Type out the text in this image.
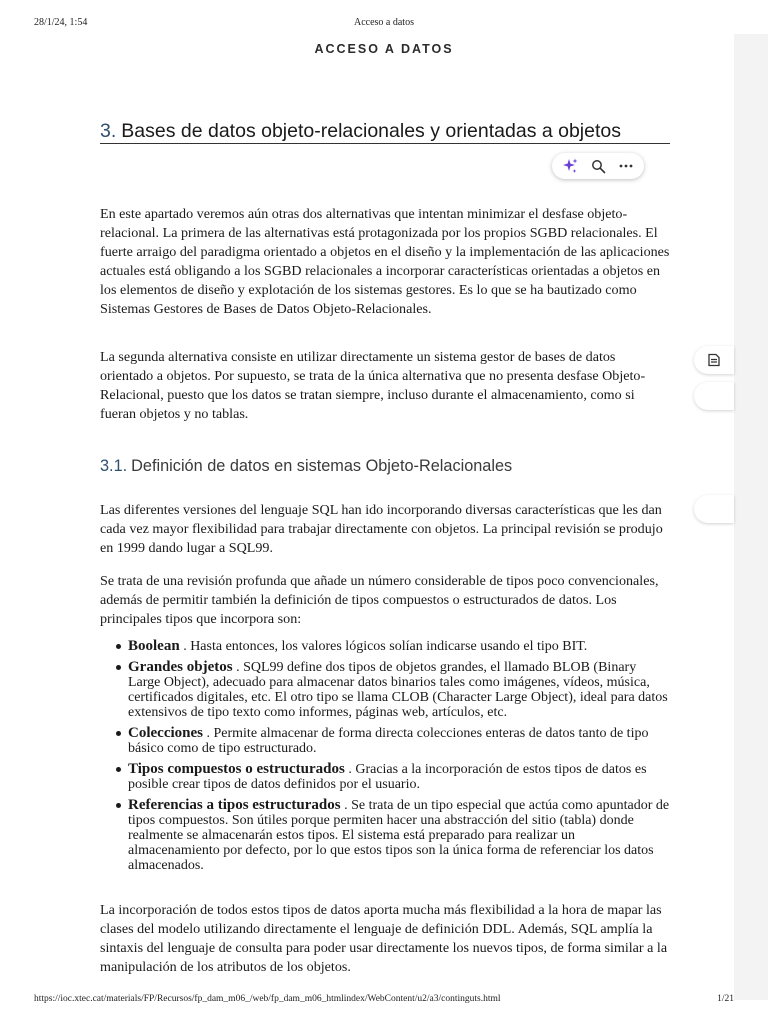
28/1/24, 1:54	Acceso a datos
ACCESO A DATOS
3. Bases de datos objeto-relacionales y orientadas a objetos

En este apartado veremos aún otras dos alternativas que intentan minimizar el desfase objeto-relacional. La primera de las alternativas está protagonizada por los propios SGBD relacionales. El fuerte arraigo del paradigma orientado a objetos en el diseño y la implementación de las aplicaciones actuales está obligando a los SGBD relacionales a incorporar características orientadas a objetos en los elementos de diseño y explotación de los sistemas gestores. Es lo que se ha bautizado como Sistemas Gestores de Bases de Datos Objeto-Relacionales.

La segunda alternativa consiste en utilizar directamente un sistema gestor de bases de datos orientado a objetos. Por supuesto, se trata de la única alternativa que no presenta desfase Objeto-Relacional, puesto que los datos se tratan siempre, incluso durante el almacenamiento, como si fueran objetos y no tablas.

3.1. Definición de datos en sistemas Objeto-Relacionales

Las diferentes versiones del lenguaje SQL han ido incorporando diversas características que les dan cada vez mayor flexibilidad para trabajar directamente con objetos. La principal revisión se produjo en 1999 dando lugar a SQL99.

Se trata de una revisión profunda que añade un número considerable de tipos poco convencionales, además de permitir también la definición de tipos compuestos o estructurados de datos. Los principales tipos que incorpora son:

Boolean . Hasta entonces, los valores lógicos solían indicarse usando el tipo BIT.
Grandes objetos . SQL99 define dos tipos de objetos grandes, el llamado BLOB (Binary Large Object), adecuado para almacenar datos binarios tales como imágenes, vídeos, música, certificados digitales, etc. El otro tipo se llama CLOB (Character Large Object), ideal para datos extensivos de tipo texto como informes, páginas web, artículos, etc.
Colecciones . Permite almacenar de forma directa colecciones enteras de datos tanto de tipo básico como de tipo estructurado.
Tipos compuestos o estructurados . Gracias a la incorporación de estos tipos de datos es posible crear tipos de datos definidos por el usuario.
Referencias a tipos estructurados . Se trata de un tipo especial que actúa como apuntador de tipos compuestos. Son útiles porque permiten hacer una abstracción del sitio (tabla) donde realmente se almacenarán estos tipos. El sistema está preparado para realizar un almacenamiento por defecto, por lo que estos tipos son la única forma de referenciar los datos almacenados.

La incorporación de todos estos tipos de datos aporta mucha más flexibilidad a la hora de mapar las clases del modelo utilizando directamente el lenguaje de definición DDL. Además, SQL amplía la sintaxis del lenguaje de consulta para poder usar directamente los nuevos tipos, de forma similar a la manipulación de los atributos de los objetos.

https://ioc.xtec.cat/materials/FP/Recursos/fp_dam_m06_/web/fp_dam_m06_htmlindex/WebContent/u2/a3/continguts.html	1/21
